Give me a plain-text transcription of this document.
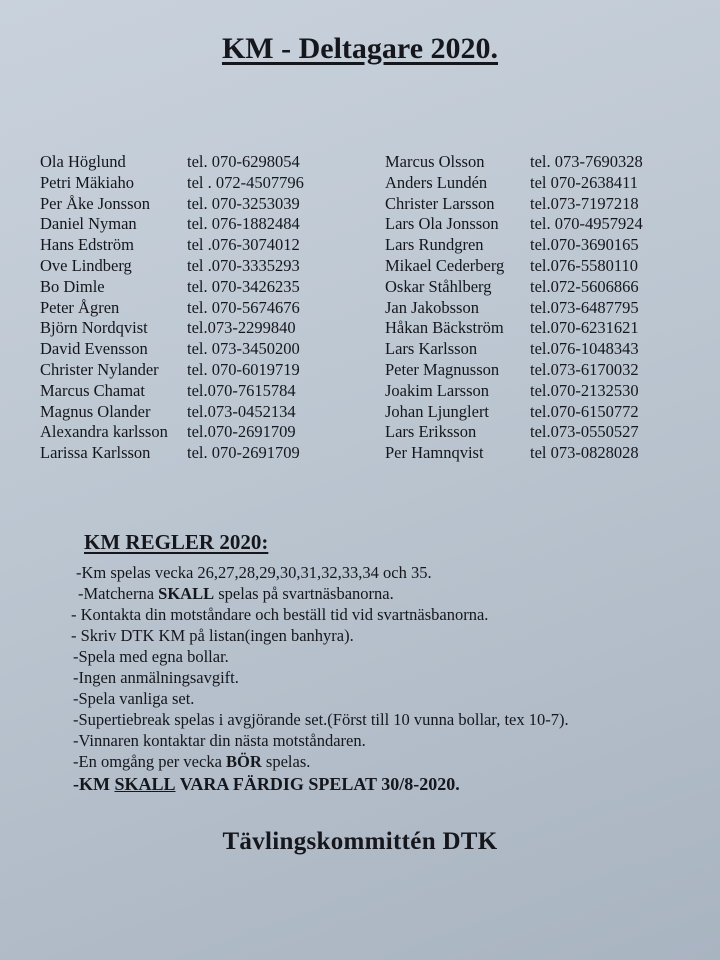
KM - Deltagare 2020.
Ola Höglund	tel. 070-6298054	Marcus Olsson	tel. 073-7690328
Petri Mäkiaho	tel . 072-4507796	Anders Lundén	tel 070-2638411
Per Åke Jonsson tel. 070-3253039	Christer Larsson tel.073-7197218
Daniel Nyman	tel. 076-1882484	Lars Ola Jonsson tel. 070-4957924
Hans Edström	tel .076-3074012	Lars Rundgren	tel.070-3690165
Ove Lindberg	tel .070-3335293	Mikael Cederberg tel.076-5580110
Bo Dimle	tel. 070-3426235	Oskar Ståhlberg tel.072-5606866
Peter Ågren	tel. 070-5674676	Jan Jakobsson	tel.073-6487795
Björn Nordqvist tel.073-2299840	Håkan Bäckström tel.070-6231621
David Evensson tel. 073-3450200	Lars Karlsson	tel.076-1048343
Christer Nylander tel. 070-6019719	Peter Magnusson tel.073-6170032
Marcus Chamat	tel.070-7615784	Joakim Larsson tel.070-2132530
Magnus Olander tel.073-0452134	Johan Ljunglert tel.070-6150772
Alexandra karlsson tel.070-2691709	Lars Eriksson	tel.073-0550527
Larissa Karlsson tel. 070-2691709	Per Hamnqvist	tel 073-0828028
KM REGLER 2020:
-Km spelas vecka 26,27,28,29,30,31,32,33,34 och 35.
-Matcherna SKALL spelas på svartnäsbanorna.
- Kontakta din motståndare och beställ tid vid svartnäsbanorna.
- Skriv DTK KM på listan(ingen banhyra).
-Spela med egna bollar.
-Ingen anmälningsavgift.
-Spela vanliga set.
-Supertiebreak spelas i avgjörande set.(Först till 10 vunna bollar, tex 10-7).
-Vinnaren kontaktar din nästa motståndaren.
-En omgång per vecka BÖR spelas.
-KM SKALL VARA FÄRDIG SPELAT 30/8-2020.
Tävlingskommittén DTK
